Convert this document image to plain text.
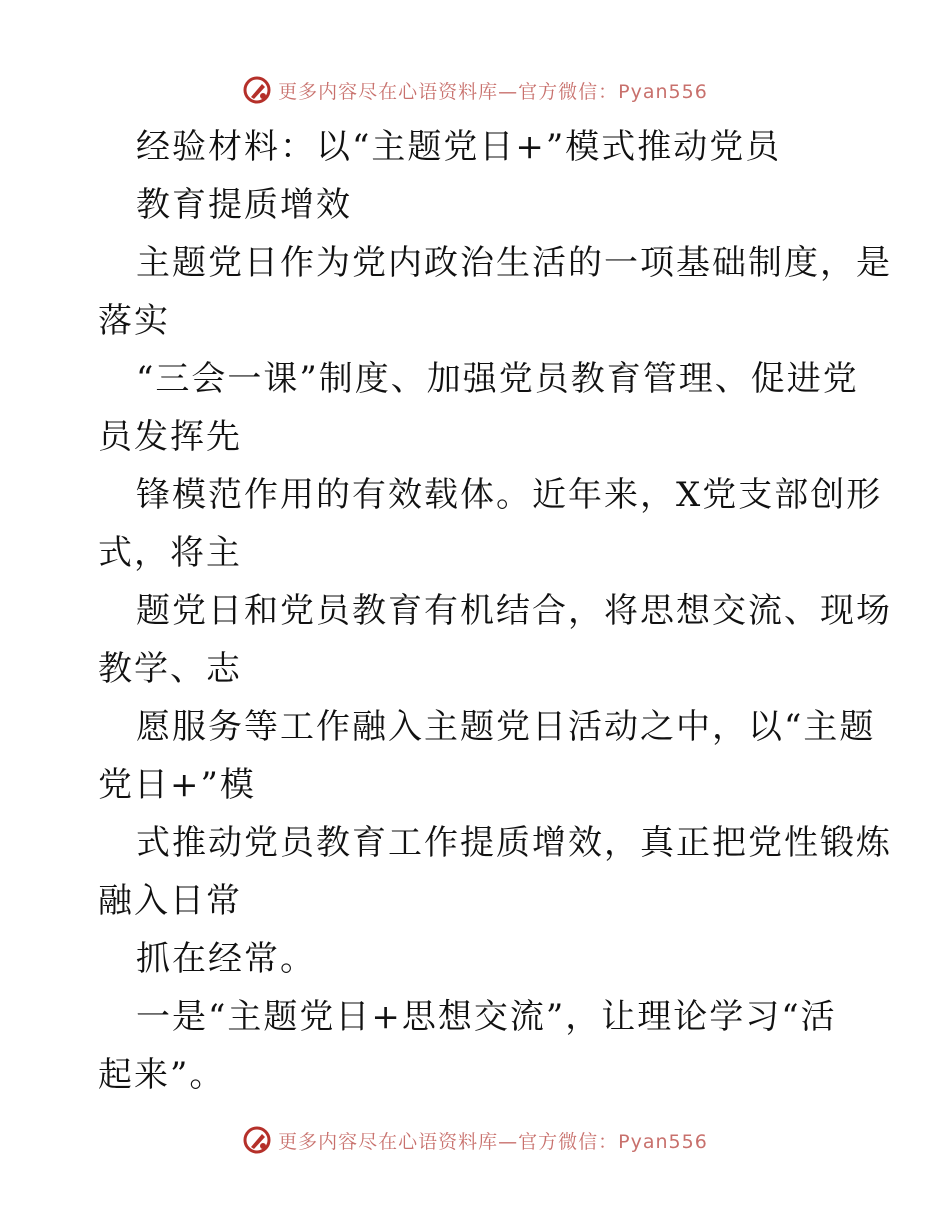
更多内容尽在心语资料库—官方微信：Pyan556
经验材料：以“主题党日+”模式推动党员
教育提质增效
主题党日作为党内政治生活的一项基础制度，是
落实
“三会一课”制度、加强党员教育管理、促进党
员发挥先
锋模范作用的有效载体。近年来，X党支部创形
式，将主
题党日和党员教育有机结合，将思想交流、现场
教学、志
愿服务等工作融入主题党日活动之中，以“主题
党日+”模
式推动党员教育工作提质增效，真正把党性锻炼
融入日常
抓在经常。
一是“主题党日+思想交流”，让理论学习“活
起来”。
更多内容尽在心语资料库—官方微信：Pyan556
